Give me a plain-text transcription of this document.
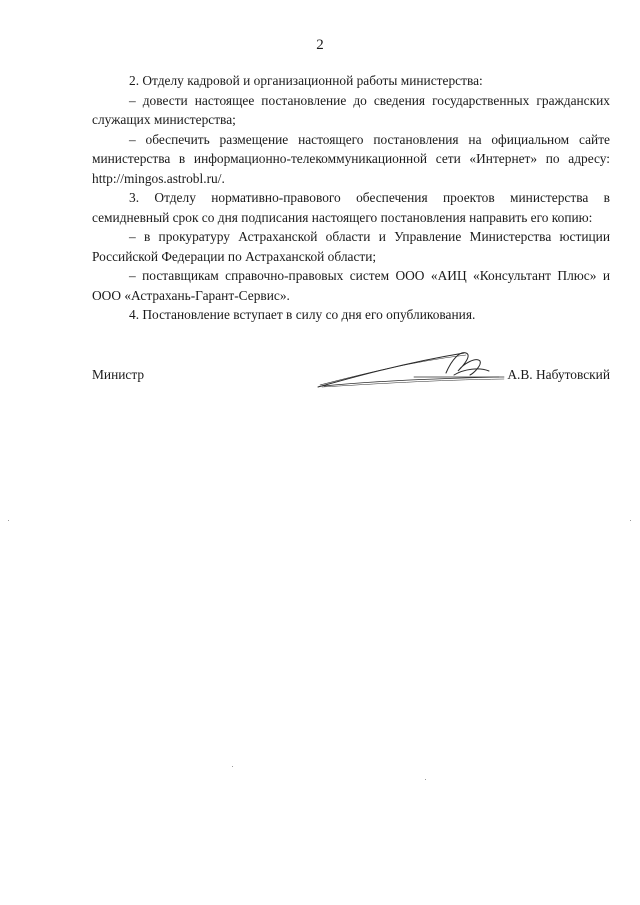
2

2. Отделу кадровой и организационной работы министерства:

– довести настоящее постановление до сведения государственных гражданских служащих министерства;

– обеспечить размещение настоящего постановления на официальном сайте министерства в информационно-телекоммуникационной сети «Интернет» по адресу: http://mingos.astrobl.ru/.

3. Отделу нормативно-правового обеспечения проектов министерства в семидневный срок со дня подписания настоящего постановления направить его копию:

– в прокуратуру Астраханской области и Управление Министерства юстиции Российской Федерации по Астраханской области;

– поставщикам справочно-правовых систем ООО «АИЦ «Консультант Плюс» и ООО «Астрахань-Гарант-Сервис».

4. Постановление вступает в силу со дня его опубликования.

Министр	А.В. Набутовский
